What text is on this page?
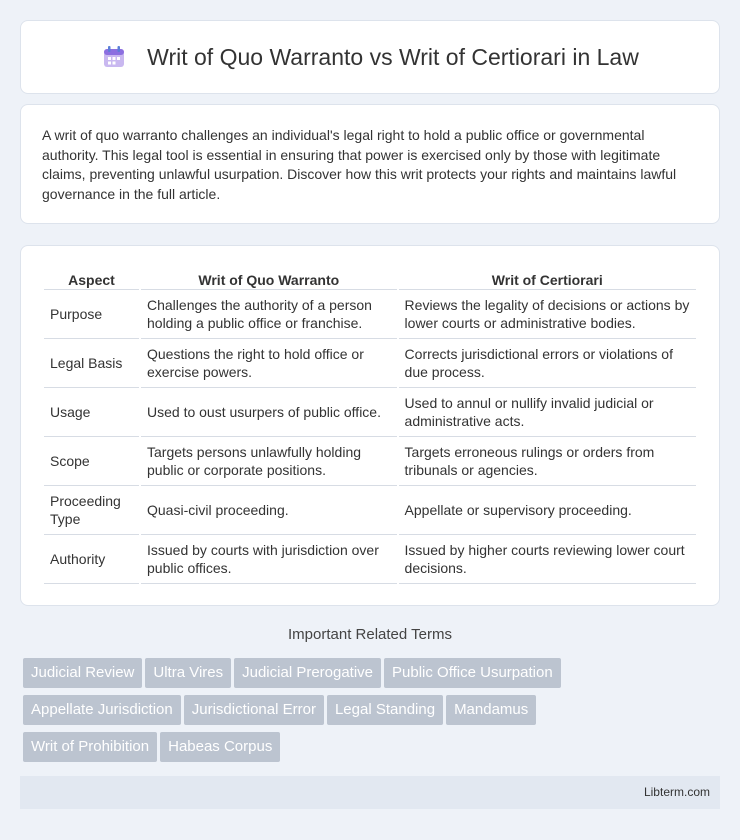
Writ of Quo Warranto vs Writ of Certiorari in Law

A writ of quo warranto challenges an individual's legal right to hold a public office or governmental authority. This legal tool is essential in ensuring that power is exercised only by those with legitimate claims, preventing unlawful usurpation. Discover how this writ protects your rights and maintains lawful governance in the full article.

Aspect	Writ of Quo Warranto	Writ of Certiorari
Purpose	Challenges the authority of a person holding a public office or franchise.	Reviews the legality of decisions or actions by lower courts or administrative bodies.
Legal Basis	Questions the right to hold office or exercise powers.	Corrects jurisdictional errors or violations of due process.
Usage	Used to oust usurpers of public office.	Used to annul or nullify invalid judicial or administrative acts.
Scope	Targets persons unlawfully holding public or corporate positions.	Targets erroneous rulings or orders from tribunals or agencies.
Proceeding Type	Quasi-civil proceeding.	Appellate or supervisory proceeding.
Authority	Issued by courts with jurisdiction over public offices.	Issued by higher courts reviewing lower court decisions.
Important Related Terms
Judicial Review Ultra Vires Judicial Prerogative Public Office Usurpation
Appellate Jurisdiction Jurisdictional Error Legal Standing Mandamus
Writ of Prohibition Habeas Corpus
Libterm.com
